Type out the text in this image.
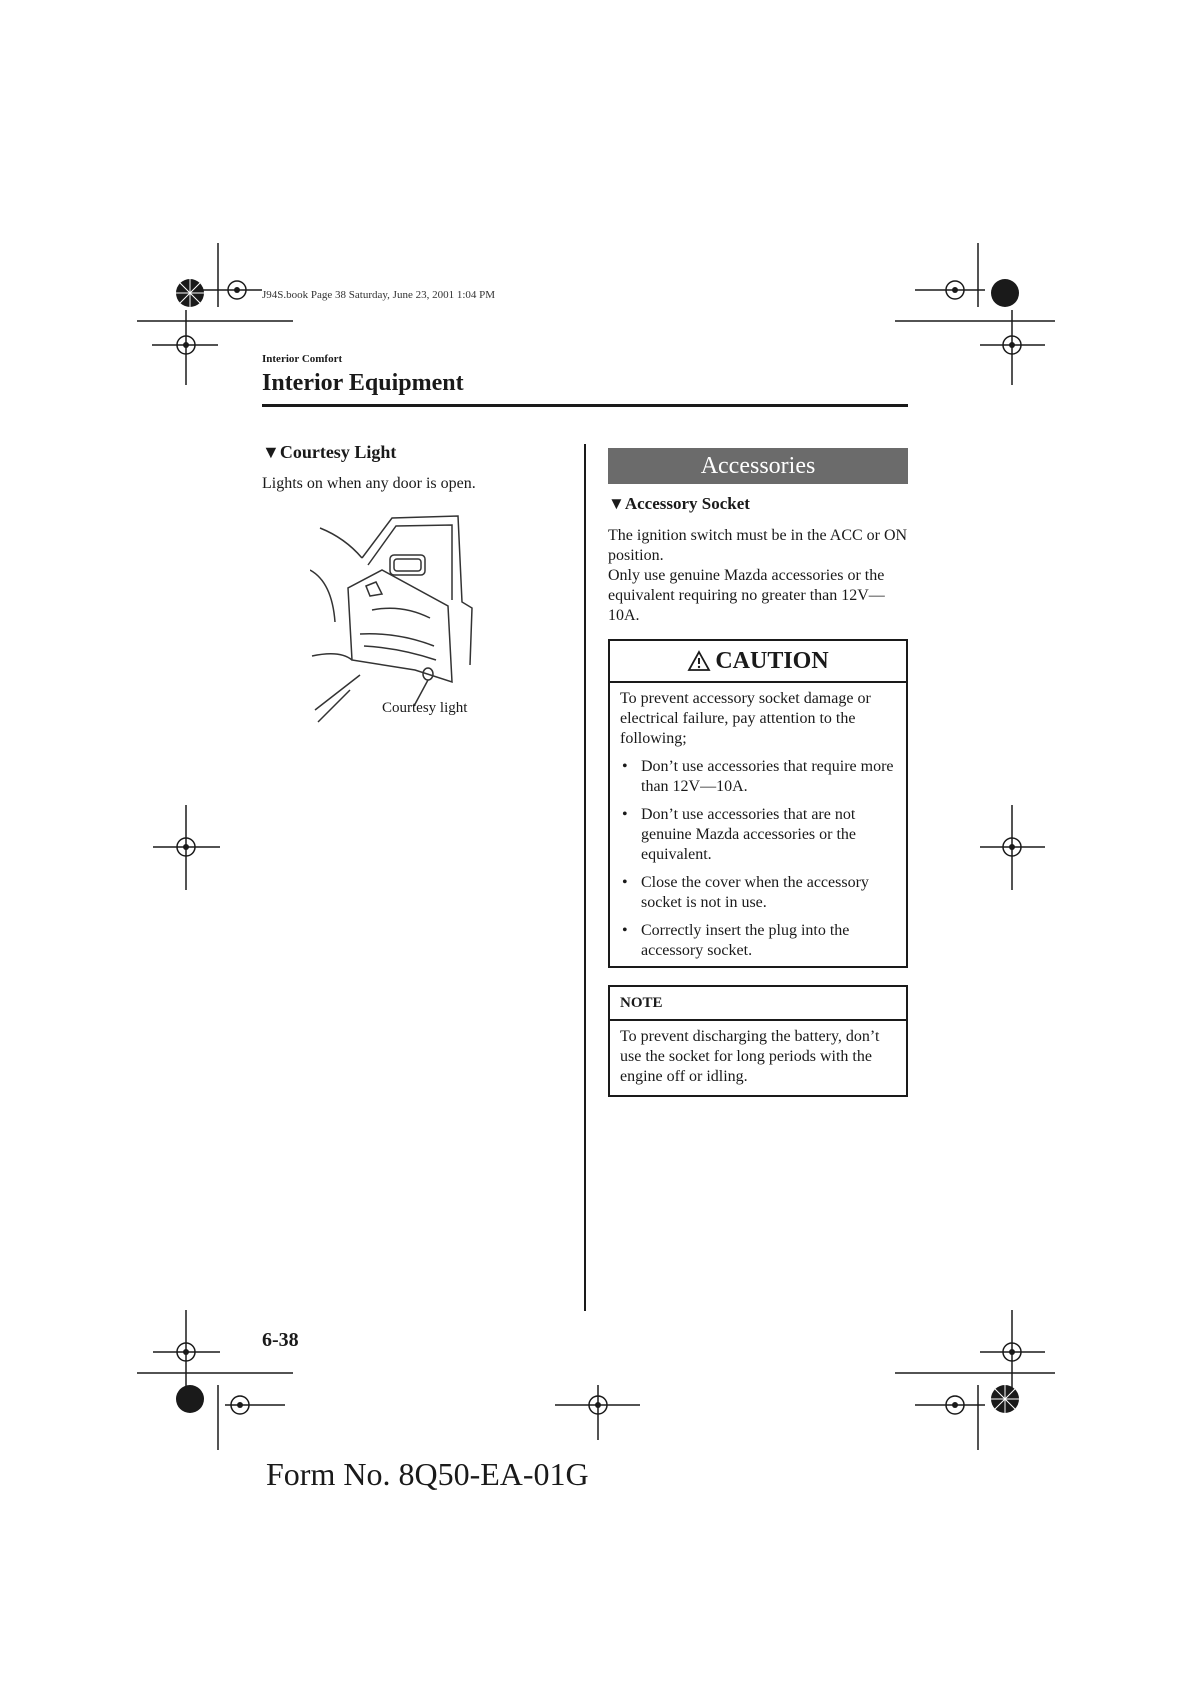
J94S.book Page 38 Saturday, June 23, 2001 1:04 PM
Interior Comfort
Interior Equipment
▼Courtesy Light
Lights on when any door is open.
Courtesy light
Accessories
▼Accessory Socket
The ignition switch must be in the ACC or ON position.
Only use genuine Mazda accessories or the equivalent requiring no greater than 12V—10A.
CAUTION
To prevent accessory socket damage or electrical failure, pay attention to the following;
• Don’t use accessories that require more than 12V—10A.
• Don’t use accessories that are not genuine Mazda accessories or the equivalent.
• Close the cover when the accessory socket is not in use.
• Correctly insert the plug into the accessory socket.
NOTE
To prevent discharging the battery, don’t use the socket for long periods with the engine off or idling.
6-38
Form No. 8Q50-EA-01G
